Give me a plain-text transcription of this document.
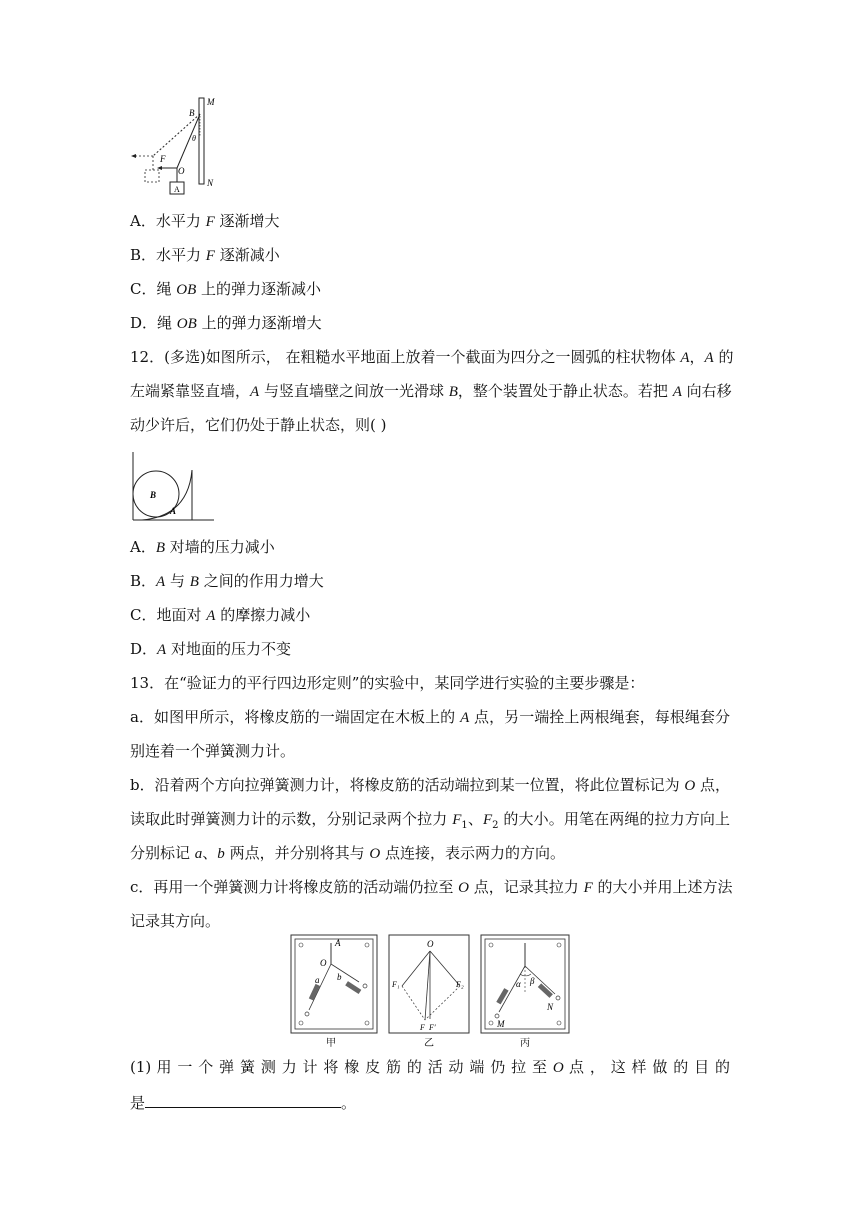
M
B
θ
F
O
N
A
A．水平力 F 逐渐增大
B．水平力 F 逐渐减小
C．绳 OB 上的弹力逐渐减小
D．绳 OB 上的弹力逐渐增大
12．(多选)如图所示， 在粗糙水平地面上放着一个截面为四分之一圆弧的柱状物体 A，A 的
左端紧靠竖直墙，A 与竖直墙壁之间放一光滑球 B，整个装置处于静止状态。若把 A 向右移
动少许后，它们仍处于静止状态，则( )
B
A
A．B 对墙的压力减小
B．A 与 B 之间的作用力增大
C．地面对 A 的摩擦力减小
D．A 对地面的压力不变
13．在“验证力的平行四边形定则”的实验中，某同学进行实验的主要步骤是：
a．如图甲所示，将橡皮筋的一端固定在木板上的 A 点，另一端拴上两根绳套，每根绳套分
别连着一个弹簧测力计。
b．沿着两个方向拉弹簧测力计，将橡皮筋的活动端拉到某一位置，将此位置标记为 O 点，
读取此时弹簧测力计的示数，分别记录两个拉力 $F_1$、$F_2$ 的大小。用笔在两绳的拉力方向上
分别标记 a、b 两点，并分别将其与 O 点连接，表示两力的方向。
c．再用一个弹簧测力计将橡皮筋的活动端仍拉至 O 点，记录其拉力 F 的大小并用上述方法
记录其方向。
A
O
a b
甲
O
F₁	F₂
F F′
乙
α β
M
N
丙
(1) 用 一 个 弹 簧 测 力 计 将 橡 皮 筋 的 活 动 端 仍 拉 至 O 点 ， 这 样 做 的 目 的
是	。
